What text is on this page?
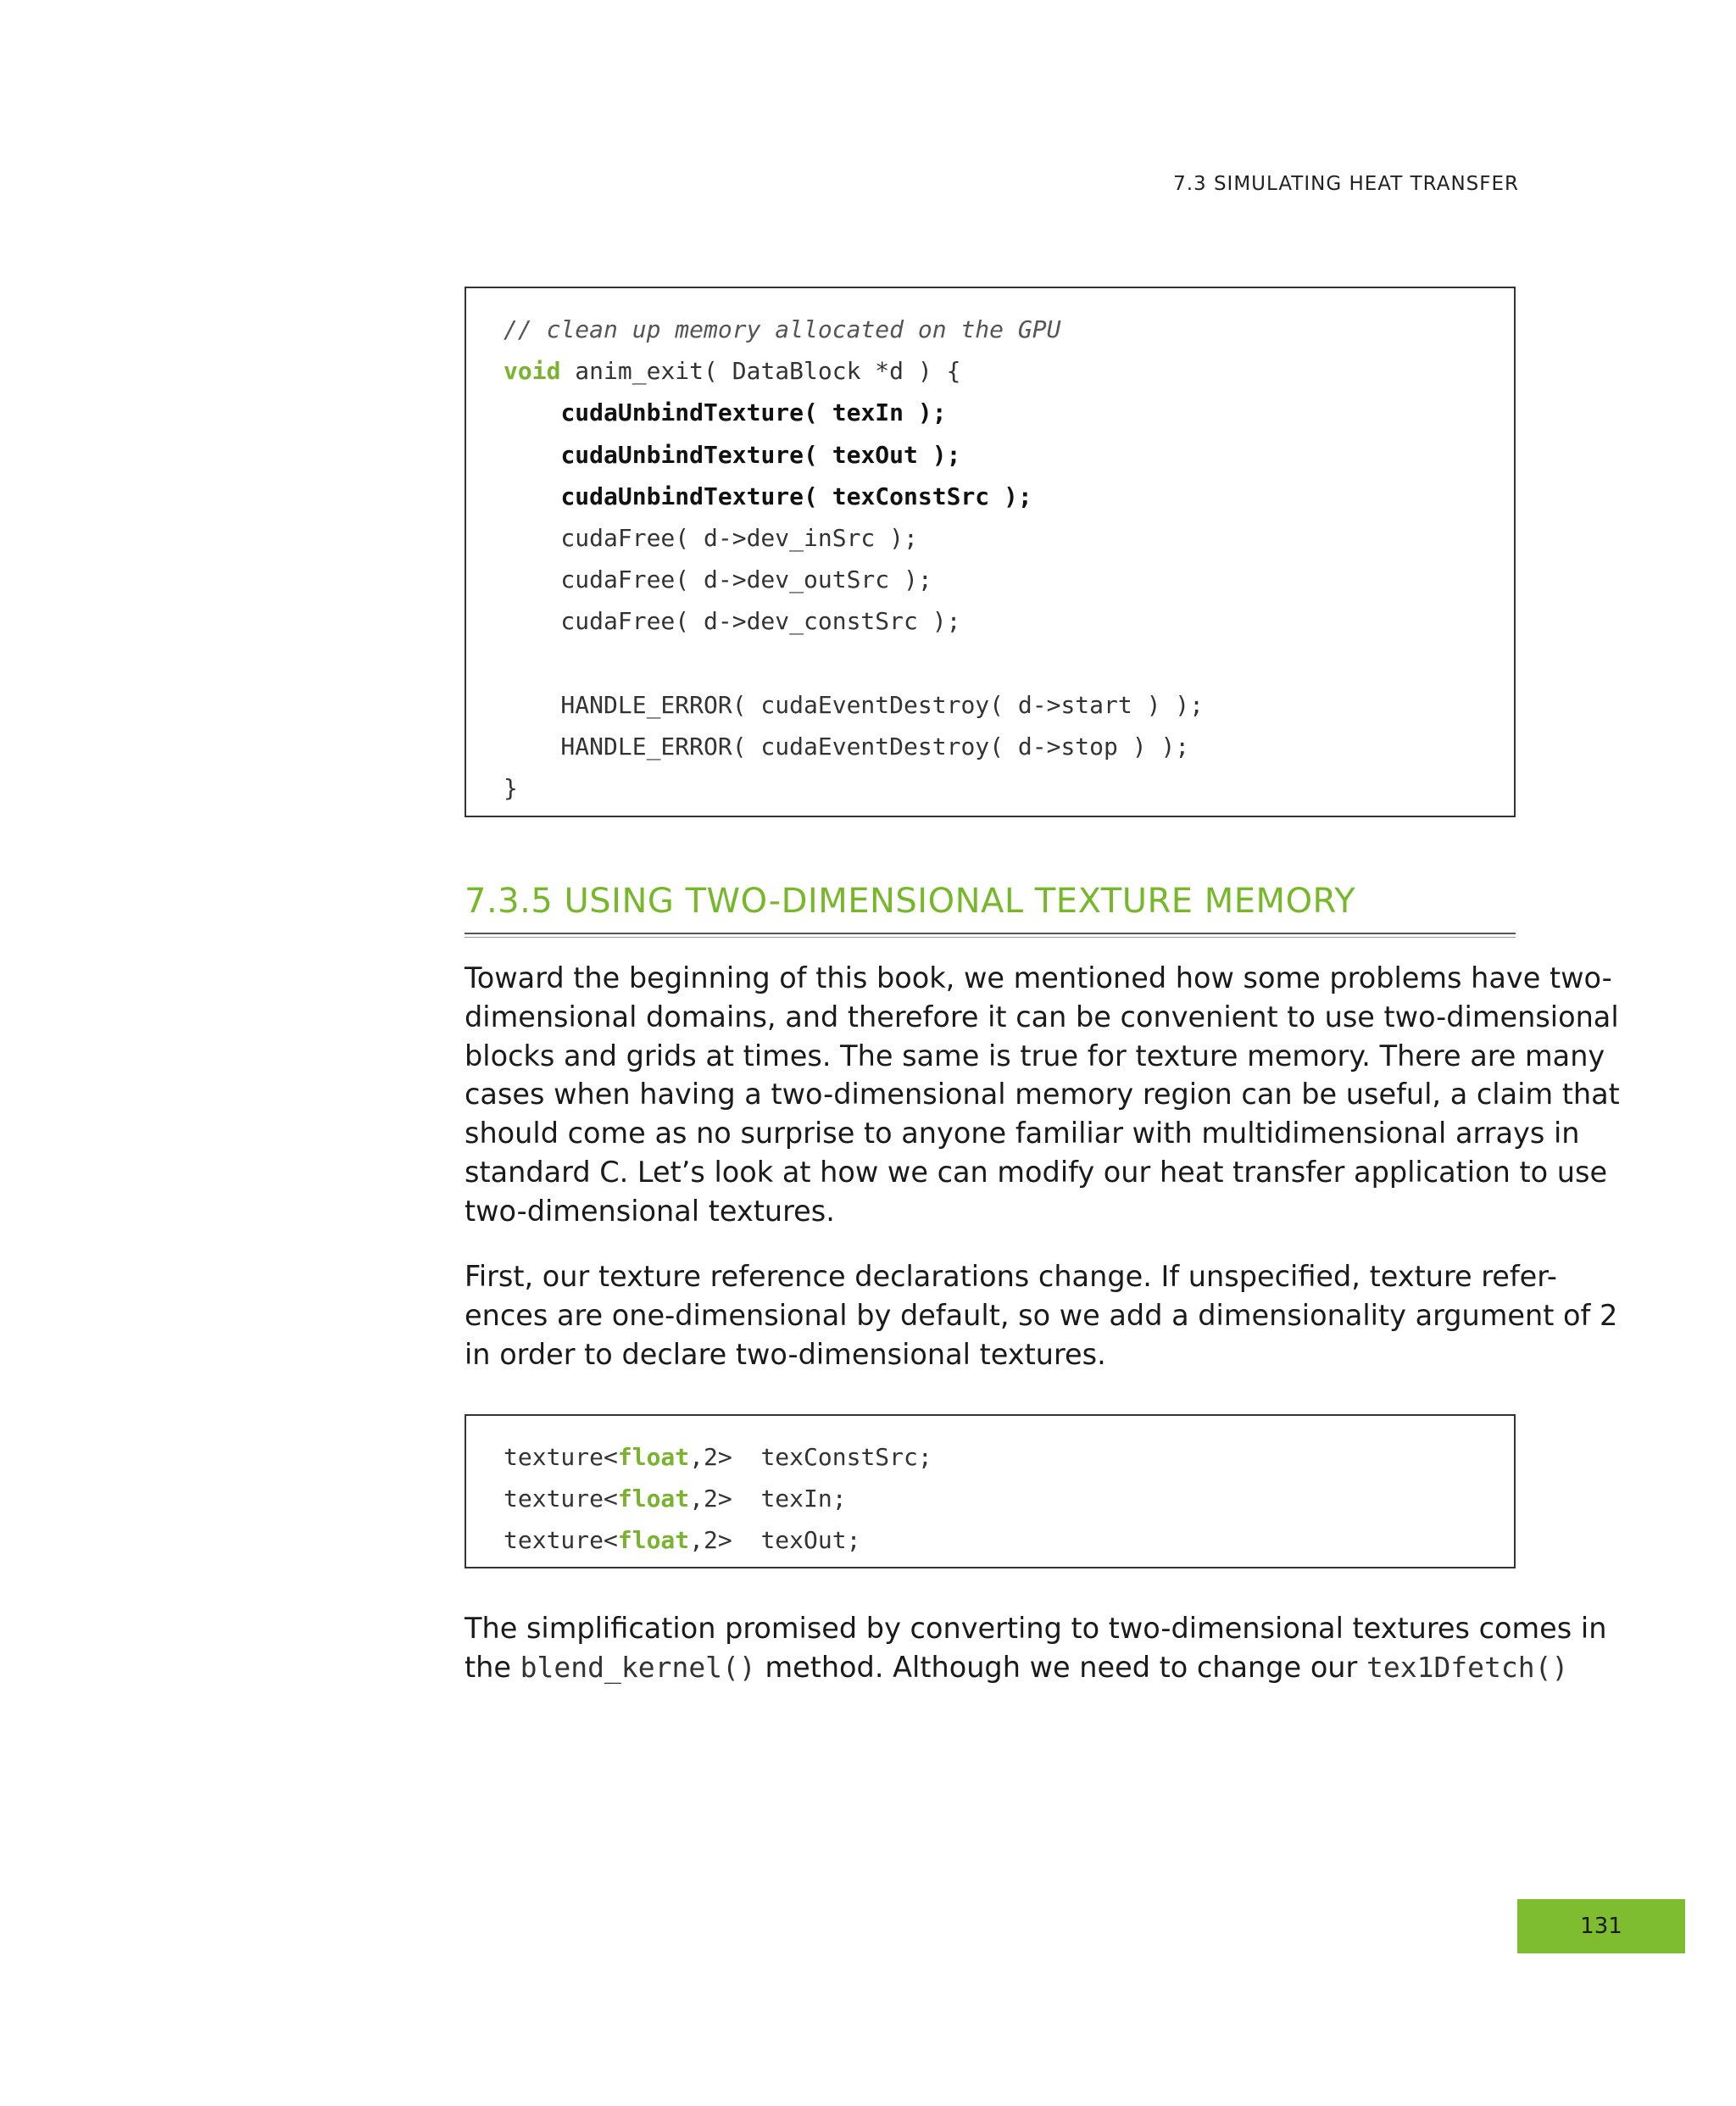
7.3 SIMULATING HEAT TRANSFER
// clean up memory allocated on the GPU
void anim_exit( DataBlock *d ) {
cudaUnbindTexture( texIn );
cudaUnbindTexture( texOut );
cudaUnbindTexture( texConstSrc );
cudaFree( d->dev_inSrc );
cudaFree( d->dev_outSrc );
cudaFree( d->dev_constSrc );
HANDLE_ERROR( cudaEventDestroy( d->start ) );
HANDLE_ERROR( cudaEventDestroy( d->stop ) );
}
7.3.5 USING TWO-DIMENSIONAL TEXTURE MEMORY
Toward the beginning of this book, we mentioned how some problems have two-
dimensional domains, and therefore it can be convenient to use two-dimensional
blocks and grids at times. The same is true for texture memory. There are many
cases when having a two-dimensional memory region can be useful, a claim that
should come as no surprise to anyone familiar with multidimensional arrays in
standard C. Let’s look at how we can modify our heat transfer application to use
two-dimensional textures.
First, our texture reference declarations change. If unspecified, texture refer-
ences are one-dimensional by default, so we add a dimensionality argument of 2
in order to declare two-dimensional textures.
texture<float,2>  texConstSrc;
texture<float,2>  texIn;
texture<float,2>  texOut;
The simplification promised by converting to two-dimensional textures comes in
the blend_kernel() method. Although we need to change our tex1Dfetch()
131
